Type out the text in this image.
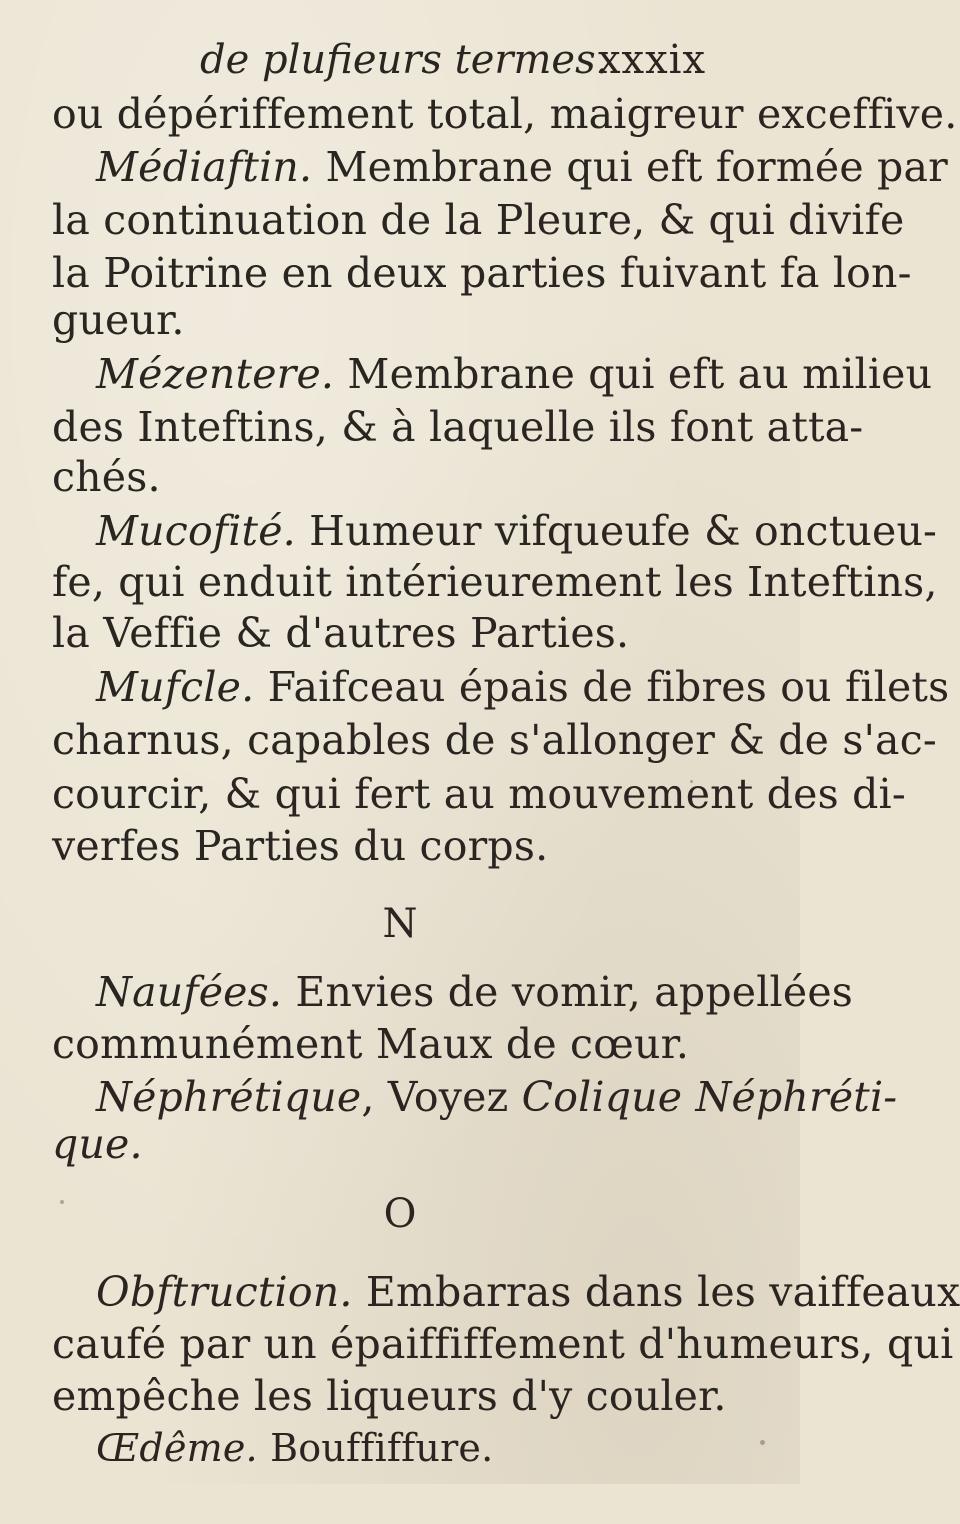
de plufieurs termes.
xxxix
ou dépériffement total, maigreur exceffive.
Médiaftin. Membrane qui eft formée par
la continuation de la Pleure, & qui divife
la Poitrine en deux parties fuivant fa lon-
gueur.
Mézentere. Membrane qui eft au milieu
des Inteftins, & à laquelle ils font atta-
chés.
Mucofité. Humeur vifqueufe & onctueu-
fe, qui enduit intérieurement les Inteftins,
la Veffie & d'autres Parties.
Mufcle. Faifceau épais de fibres ou filets
charnus, capables de s'allonger & de s'ac-
courcir, & qui fert au mouvement des di-
verfes Parties du corps.
N
Naufées. Envies de vomir, appellées
communément Maux de cœur.
Néphrétique, Voyez Colique Néphréti-
que.
O
Obftruction. Embarras dans les vaiffeaux
caufé par un épaiffiffement d'humeurs, qui
empêche les liqueurs d'y couler.
Œdême. Bouffiffure.
